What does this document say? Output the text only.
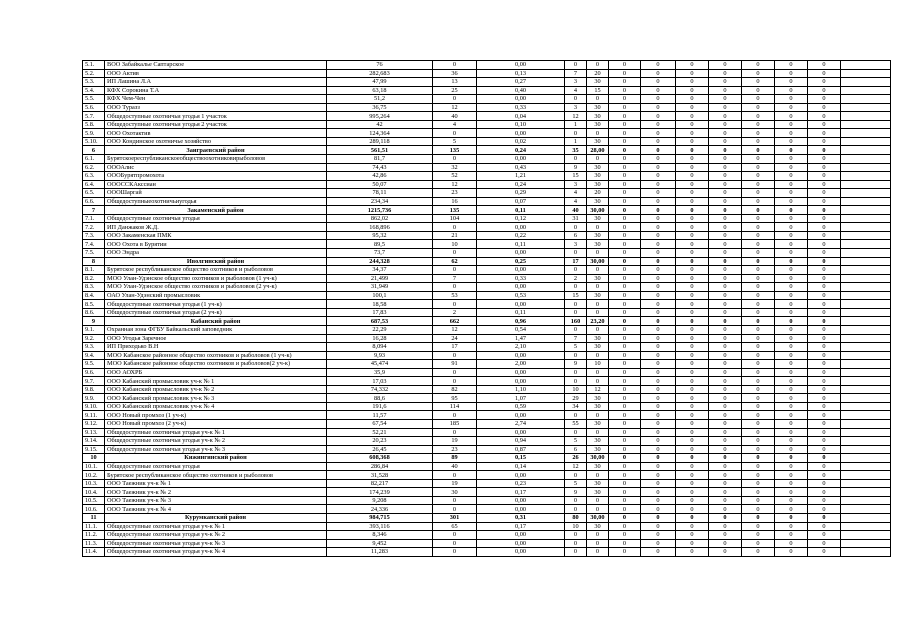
5.1.	ВОО Забайкалье Саптарское	76	0	0,00	0	0	0	0	0	0	0	0	0	
5.2.	ООО Актив	282,683	36	0,13	7	20	0	0	0	0	0	0	0	
5.3.	ИП Лашина Л.А	47,99	13	0,27	3	30	0	0	0	0	0	0	0	
5.4.	КФХ Сорокина Т.А	63,18	25	0,40	4	15	0	0	0	0	0	0	0	
5.5.	КФХ Чем-Чен	51,2	0	0,00	0	0	0	0	0	0	0	0	0	
5.6.	ООО Туразз	36,75	12	0,33	3	30	0	0	0	0	0	0	0	
5.7.	Общедоступные охотничьи угодья 1 участок	995,264	40	0,04	12	30	0	0	0	0	0	0	0	
5.8.	Общедоступные охотничьи угодья 2 участок	42	4	0,10	1	30	0	0	0	0	0	0	0	
5.9.	ООО Охотактив	124,364	0	0,00	0	0	0	0	0	0	0	0	0	
5.10.	ООО Кондинское охотничье хозяйство	289,118	5	0,02	1	30	0	0	0	0	0	0	0	
6	Заиграевский район	561,51	135	0,24	35	28,00	0	0	0	0	0	0	0	
6.1.	Бурятскоереспубликанскоеобществоохотниковирыболовов	81,7	0	0,00	0	0	0	0	0	0	0	0	0	
6.2.	ОООАлис	74,43	32	0,43	9	30	0	0	0	0	0	0	0	
6.3.	ОООБурятпромохота	42,86	52	1,21	15	30	0	0	0	0	0	0	0	
6.4.	ОООССКАкссиан	50,07	12	0,24	3	30	0	0	0	0	0	0	0	
6.5.	ОООШаргай	78,11	23	0,29	4	20	0	0	0	0	0	0	0	
6.6.	Общедоступныеохотничьиугодья	234,34	16	0,07	4	30	0	0	0	0	0	0	0	
7	Закаменский район	1215,736	135	0,11	40	30,00	0	0	0	0	0	0	0	
7.1.	Общедоступные охотничьи угодья	862,02	104	0,12	31	30	0	0	0	0	0	0	0	
7.2.	ИП Данжаков Ж.Д.	168,896	0	0,00	0	0	0	0	0	0	0	0	0	
7.3.	ООО Закаменская ПМК	95,32	21	0,22	6	30	0	0	0	0	0	0	0	
7.4.	ООО Охота в Бурятии	89,5	10	0,11	3	30	0	0	0	0	0	0	0	
7.5.	ООО Эндра	73,7	0	0,00	0	0	0	0	0	0	0	0	0	
8	Иволгинский район	244,328	62	0,25	17	30,00	0	0	0	0	0	0	0	
8.1.	Бурятское республиканское общество охотников и рыболовов	34,37	0	0,00	0	0	0	0	0	0	0	0	0	
8.2.	МОО Улан-Удэнское общество охотников и рыболовов (1 уч-к)	21,499	7	0,33	2	30	0	0	0	0	0	0	0	
8.3.	МОО Улан-Удэнское общество охотников и рыболовов (2 уч-к)	31,949	0	0,00	0	0	0	0	0	0	0	0	0	
8.4.	ОАО Улан-Удэнский промысловик	100,1	53	0,53	15	30	0	0	0	0	0	0	0	
8.5.	Общедоступные охотничьи угодья (1 уч-к)	18,58	0	0,00	0	0	0	0	0	0	0	0	0	
8.6.	Общедоступные охотничьи угодья (2 уч-к)	17,83	2	0,11	0	0	0	0	0	0	0	0	0	
9	Кабанский район	687,53	662	0,96	160	23,20	0	0	0	0	0	0	0	
9.1.	Охранная зона ФГБУ Байкальский заповедник	22,29	12	0,54	0	0	0	0	0	0	0	0	0	
9.2.	ООО Угодья Заречное	16,28	24	1,47	7	30	0	0	0	0	0	0	0	
9.3.	ИП Приходько В.Н	8,094	17	2,10	5	30	0	0	0	0	0	0	0	
9.4.	МОО Кабанское районное общество охотников и рыболовов (1 уч-к)	9,93	0	0,00	0	0	0	0	0	0	0	0	0	
9.5.	МОО Кабанское районное общество охотников и рыболовов(2 уч-к)	45,474	91	2,00	9	10	0	0	0	0	0	0	0	
9.6.	ООО АОХРБ	35,9	0	0,00	0	0	0	0	0	0	0	0	0	
9.7.	ООО Кабанский промысловик уч-к № 1	17,03	0	0,00	0	0	0	0	0	0	0	0	0	
9.8.	ООО Кабанский промысловик уч-к № 2	74,332	82	1,10	10	12	0	0	0	0	0	0	0	
9.9.	ООО Кабанский промысловик уч-к № 3	88,6	95	1,07	29	30	0	0	0	0	0	0	0	
9.10.	ООО Кабанский промысловик уч-к № 4	191,6	114	0,59	34	30	0	0	0	0	0	0	0	
9.11.	ООО Новый промхоз (1 уч-к)	11,57	0	0,00	0	0	0	0	0	0	0	0	0	
9.12.	ООО Новый промхоз (2 уч-к)	67,54	185	2,74	55	30	0	0	0	0	0	0	0	
9.13.	Общедоступные охотничьи угодья уч-к № 1	52,21	0	0,00	0	0	0	0	0	0	0	0	0	
9.14.	Общедоступные охотничьи угодья уч-к № 2	20,23	19	0,94	5	30	0	0	0	0	0	0	0	
9.15.	Общедоступные охотничьи угодья уч-к № 3	26,45	23	0,87	6	30	0	0	0	0	0	0	0	
10	Кижингинский район	608,368	89	0,15	26	30,00	0	0	0	0	0	0	0	
10.1.	Общедоступные охотничьи угодья	286,84	40	0,14	12	30	0	0	0	0	0	0	0	
10.2.	Бурятское республиканское общество охотников и рыболовов	31,528	0	0,00	0	0	0	0	0	0	0	0	0	
10.3.	ООО Таежник уч-к № 1	82,217	19	0,23	5	30	0	0	0	0	0	0	0	
10.4.	ООО Таежник уч-к № 2	174,239	30	0,17	9	30	0	0	0	0	0	0	0	
10.5.	ООО Таежник уч-к № 3	9,208	0	0,00	0	0	0	0	0	0	0	0	0	
10.6.	ООО Таежник уч-к № 4	24,336	0	0,00	0	0	0	0	0	0	0	0	0	
11	Курумканский район	984,715	301	0,31	80	30,00	0	0	0	0	0	0	0	
11.1.	Общедоступные охотничьи угодья уч-к № 1	393,116	65	0,17	10	30	0	0	0	0	0	0	0	
11.2.	Общедоступные охотничьи угодья уч-к № 2	8,346	0	0,00	0	0	0	0	0	0	0	0	0	
11.3.	Общедоступные охотничьи угодья уч-к № 3	9,452	0	0,00	0	0	0	0	0	0	0	0	0	
11.4.	Общедоступные охотничьи угодья уч-к № 4	11,283	0	0,00	0	0	0	0	0	0	0	0	0	
